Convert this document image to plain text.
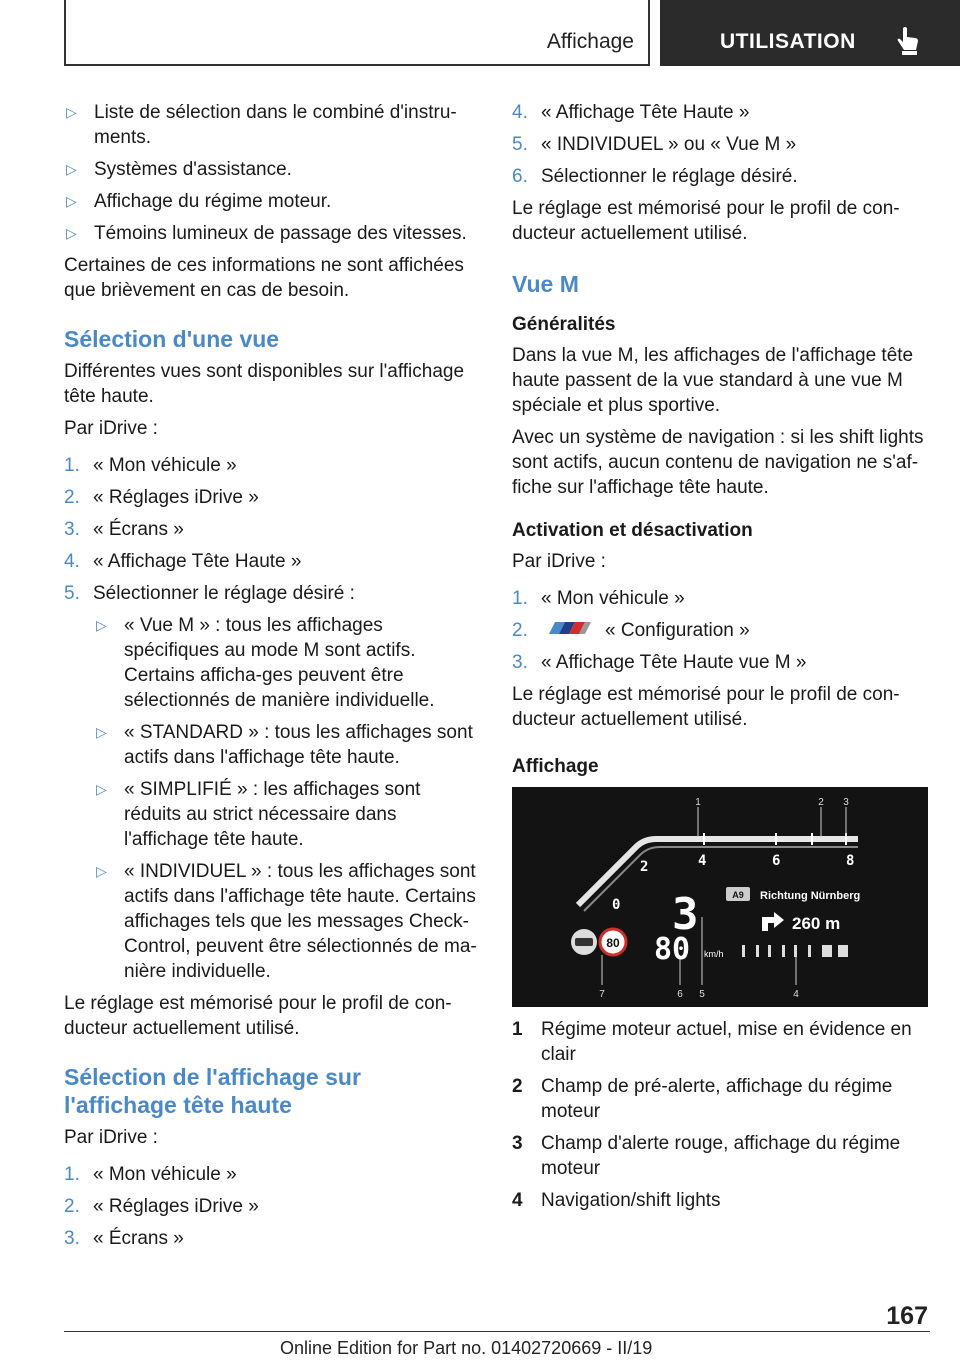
Affichage	UTILISATION
▷ Liste de sélection dans le combiné d'instru-ments.
▷ Systèmes d'assistance.
▷ Affichage du régime moteur.
▷ Témoins lumineux de passage des vitesses.

Certaines de ces informations ne sont affichées que brièvement en cas de besoin.

Sélection d'une vue

Différentes vues sont disponibles sur l'affichage tête haute.

Par iDrive :

1. « Mon véhicule »
2. « Réglages iDrive »
3. « Écrans »
4. « Affichage Tête Haute »
5. Sélectionner le réglage désiré :
▷ « Vue M » : tous les affichages spécifiques au mode M sont actifs. Certains afficha-ges peuvent être sélectionnés de manière individuelle.
▷ « STANDARD » : tous les affichages sont actifs dans l'affichage tête haute.
▷ « SIMPLIFIÉ » : les affichages sont réduits au strict nécessaire dans l'affichage tête haute.
▷ « INDIVIDUEL » : tous les affichages sont actifs dans l'affichage tête haute. Certains affichages tels que les messages Check-Control, peuvent être sélectionnés de ma-nière individuelle.

Le réglage est mémorisé pour le profil de con-ducteur actuellement utilisé.

Sélection de l'affichage sur l'affichage tête haute

Par iDrive :

1. « Mon véhicule »
2. « Réglages iDrive »
3. « Écrans »
4. « Affichage Tête Haute »
5. « INDIVIDUEL » ou « Vue M »
6. Sélectionner le réglage désiré.

Le réglage est mémorisé pour le profil de con-ducteur actuellement utilisé.

Vue M
Généralités

Dans la vue M, les affichages de l'affichage tête haute passent de la vue standard à une vue M spéciale et plus sportive.

Avec un système de navigation : si les shift lights sont actifs, aucun contenu de navigation ne s'af-fiche sur l'affichage tête haute.

Activation et désactivation

Par iDrive :

1. « Mon véhicule »
2.	« Configuration »
3. « Affichage Tête Haute vue M »

Le réglage est mémorisé pour le profil de con-ducteur actuellement utilisé.

Affichage
1	2 3
4
5
6
7
0
2	4	6	8
3
80 km/h
80
A9 Richtung Nürnberg
260 m
1 Régime moteur actuel, mise en évidence en clair
2 Champ de pré-alerte, affichage du régime moteur
3 Champ d'alerte rouge, affichage du régime moteur
4 Navigation/shift lights
167
Online Edition for Part no. 01402720669 - II/19
